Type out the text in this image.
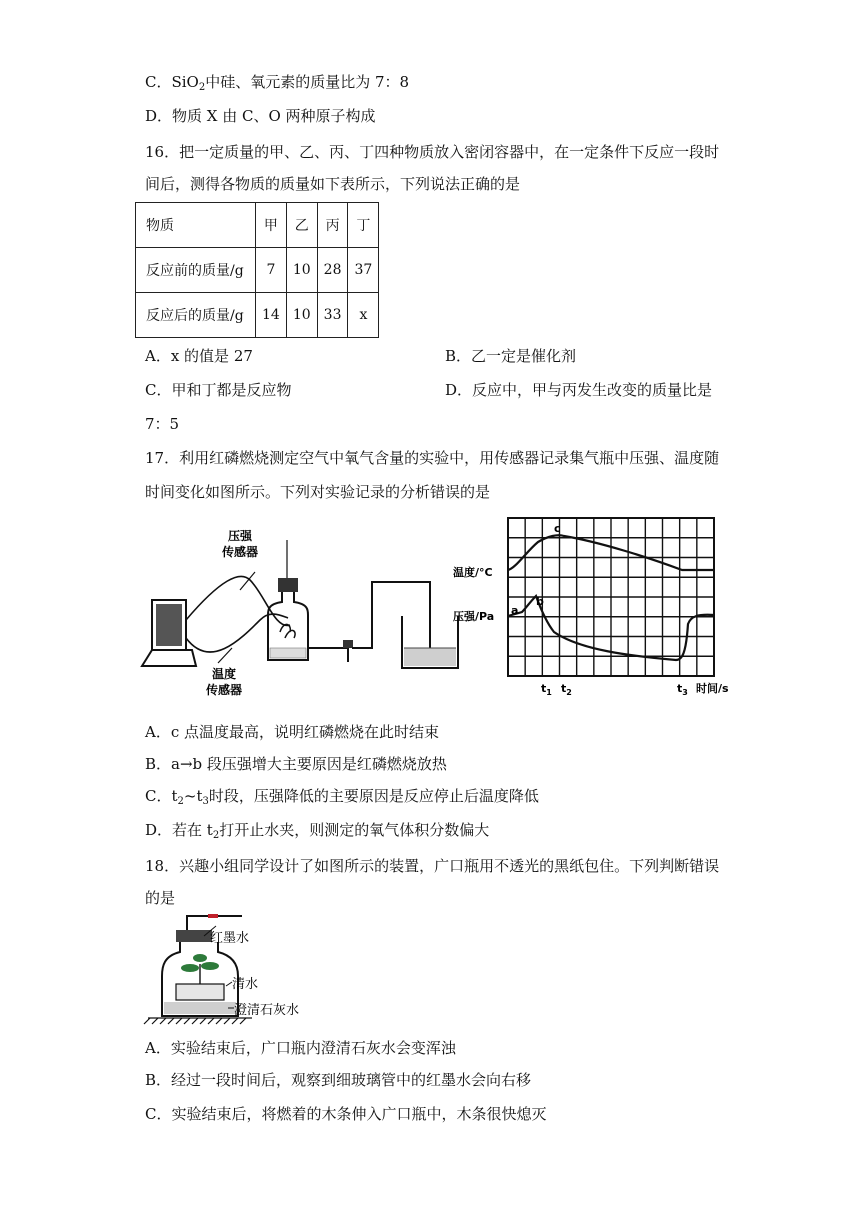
C．SiO$_2$中硅、氧元素的质量比为 7：8
D．物质 X 由 C、O 两种原子构成
16．把一定质量的甲、乙、丙、丁四种物质放入密闭容器中，在一定条件下反应一段时
间后，测得各物质的质量如下表所示，下列说法正确的是
物质	甲	乙	丙	丁
反应前的质量/g	7	10	28	37
反应后的质量/g	14	10	33	x
A．x 的值是 27	B．乙一定是催化剂
C．甲和丁都是反应物	D．反应中，甲与丙发生改变的质量比是
7：5
17．利用红磷燃烧测定空气中氧气含量的实验中，用传感器记录集气瓶中压强、温度随
时间变化如图所示。下列对实验记录的分析错误的是
压强
传感器
温度
传感器
温度/°C
压强/Pa a
b
c
$t_1$ $t_2$	$t_3$ 时间/s
A．c 点温度最高，说明红磷燃烧在此时结束
B．a→b 段压强增大主要原因是红磷燃烧放热
C．$t_2\sim t_3$时段，压强降低的主要原因是反应停止后温度降低
D．若在 $t_2$打开止水夹，则测定的氧气体积分数偏大
18．兴趣小组同学设计了如图所示的装置，广口瓶用不透光的黑纸包住。下列判断错误
的是
红墨水
清水
澄清石灰水
A．实验结束后，广口瓶内澄清石灰水会变浑浊
B．经过一段时间后，观察到细玻璃管中的红墨水会向右移
C．实验结束后，将燃着的木条伸入广口瓶中，木条很快熄灭
